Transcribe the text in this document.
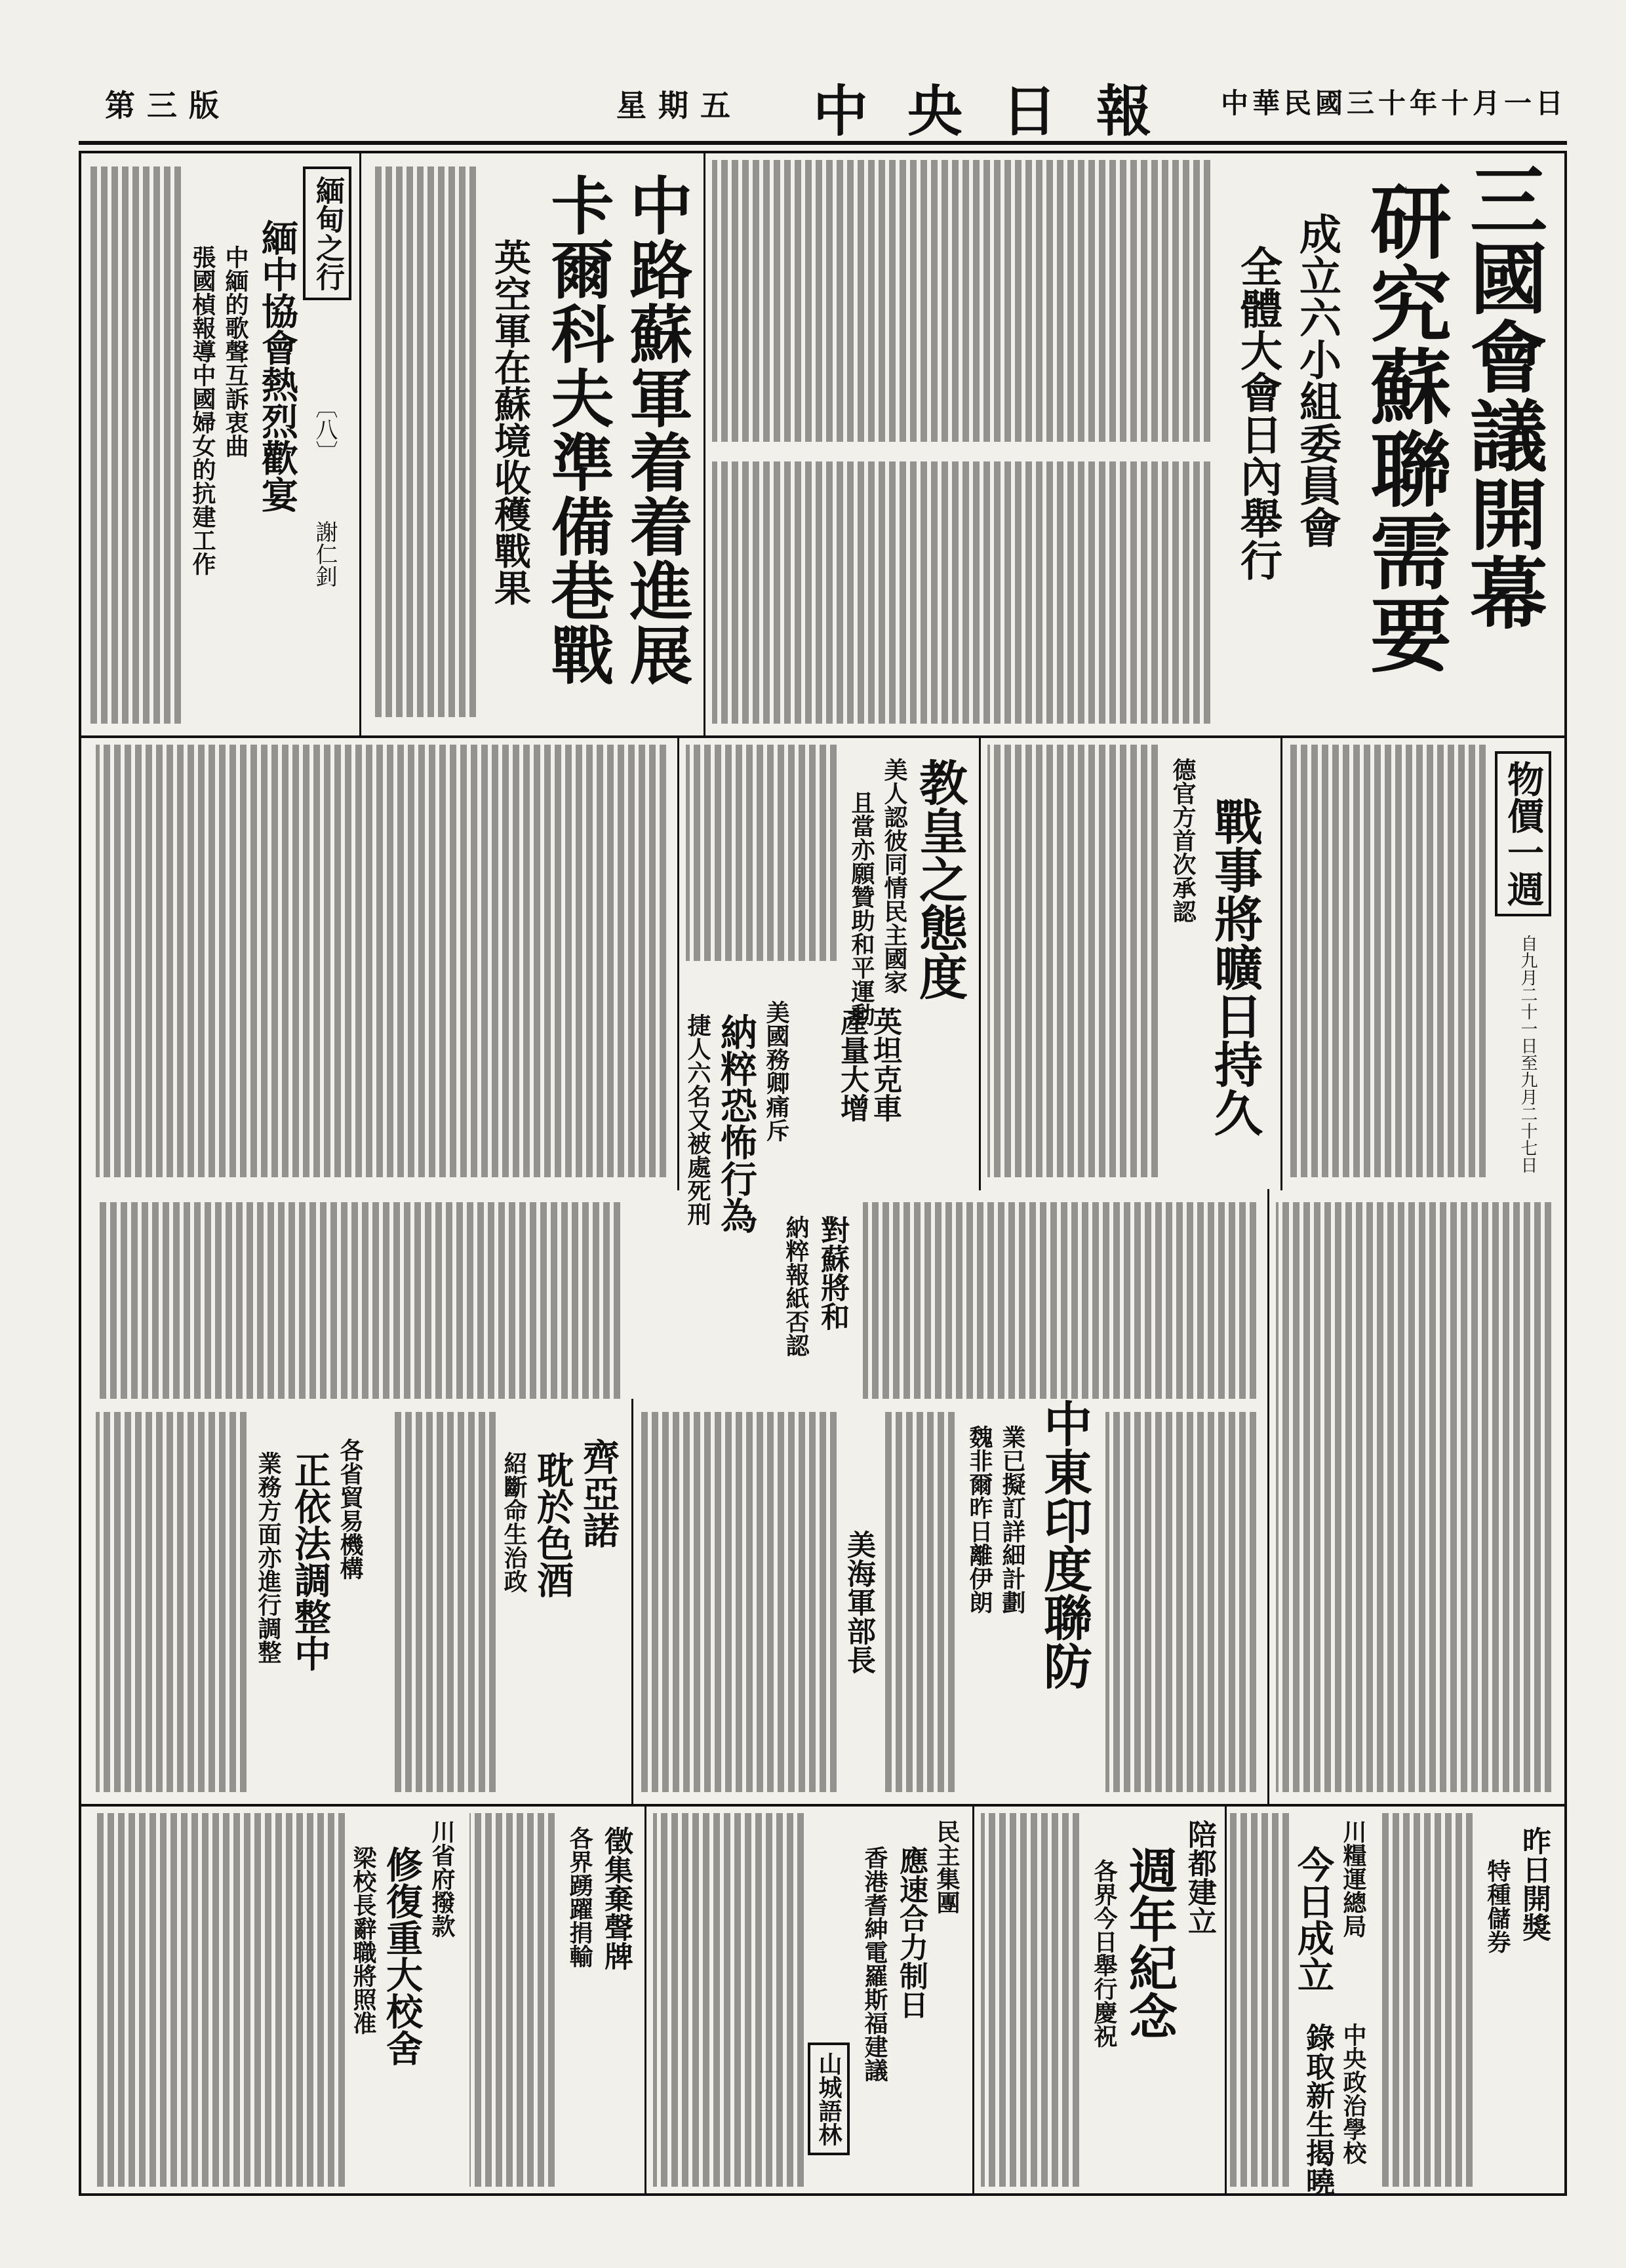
第三版	星期五 中央日報 中華民國三十年十月一日
三國會議開幕
研究蘇聯需要
成立六小組委員會
全體大會日內舉行
中路蘇軍着着進展
卡爾科夫準備巷戰
英空軍在蘇境收穫戰果
緬甸之行
〔八〕
謝仁釗
緬中協會熱烈歡宴
中緬的歌聲互訴衷曲
張國楨報導中國婦女的抗建工作
物價一週
自九月二十一日至九月二十七日
戰事將曠日持久
德官方首次承認
教皇之態度
美人認彼同情民主國家
且當亦願贊助和平運動
英坦克車
產量大增
美國務卿痛斥
納粹恐怖行為
捷人六名又被處死刑
對蘇將和
納粹報紙否認
中東印度聯防
業已擬訂詳細計劃
魏非爾昨日離伊朗
美海軍部長
齊亞諾
耽於色酒
紹斷命生治政
各省貿易機構
正依法調整中
業務方面亦進行調整
昨日開獎
特種儲券
川糧運總局
今日成立
中央政治學校
錄取新生揭曉
陪都建立
週年紀念
各界今日舉行慶祝
民主集團
應速合力制日
香港耆紳電羅斯福建議
山城語林
徵集棄聲牌
各界踴躍捐輸
川省府撥款
修復重大校舍
梁校長辭職將照准
